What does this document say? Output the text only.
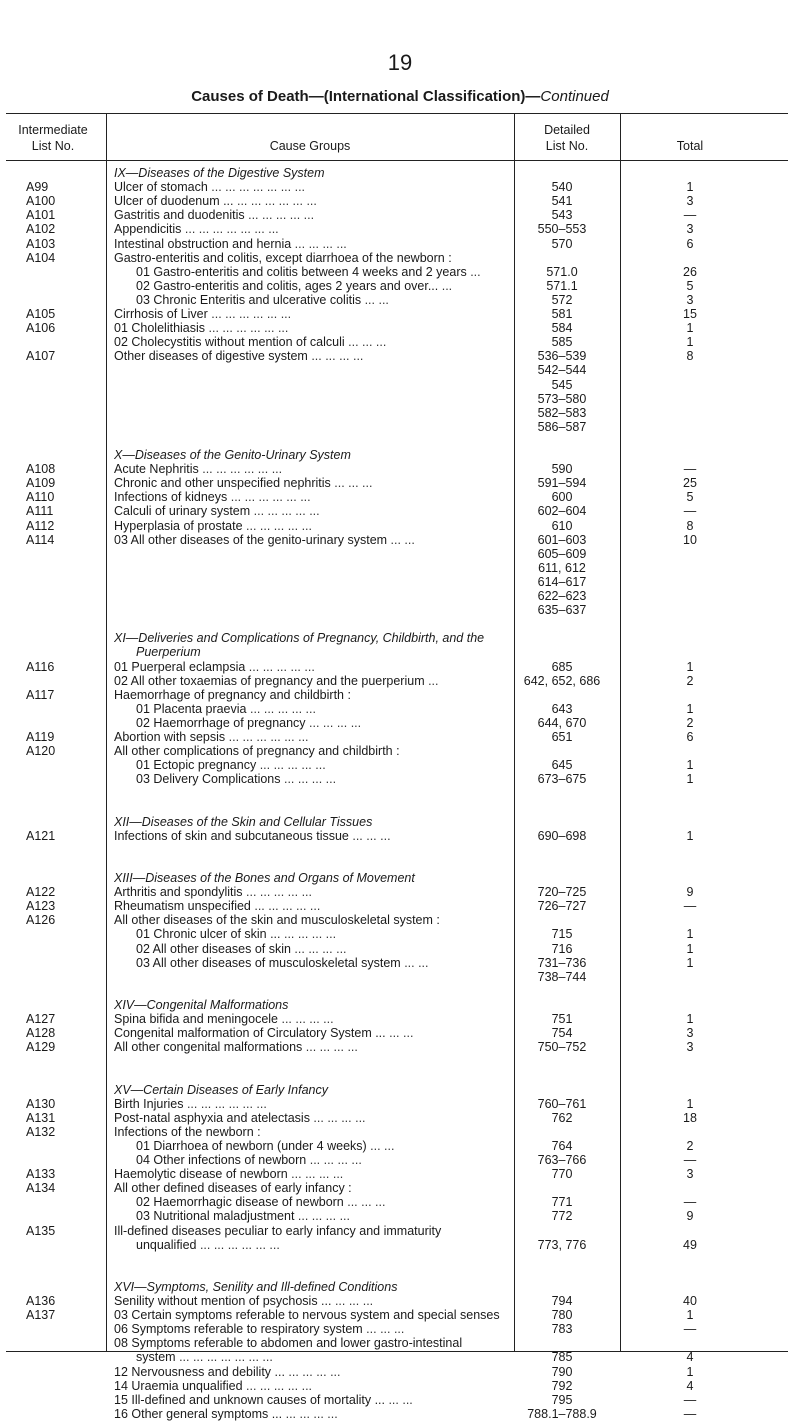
19
Causes of Death—(International Classification)—Continued
Intermediate
List No.	Cause Groups
Detailed
List No.	Total
IX—Diseases of the Digestive System
A99	Ulcer of stomach ... ... ... ... ... ... ...	540	1
A100	Ulcer of duodenum ... ... ... ... ... ... ...	541	3
A101	Gastritis and duodenitis ... ... ... ... ...	543	—
A102	Appendicitis ... ... ... ... ... ... ...	550–553	3
A103	Intestinal obstruction and hernia ... ... ... ...	570	6
A104	Gastro-enteritis and colitis, except diarrhoea of the newborn :
01 Gastro-enteritis and colitis between 4 weeks and 2 years ...	571.0	26
02 Gastro-enteritis and colitis, ages 2 years and over... ...	571.1	5
03 Chronic Enteritis and ulcerative colitis ... ...	572	3
A105	Cirrhosis of Liver ... ... ... ... ... ...	581	15
A106	01 Cholelithiasis ... ... ... ... ... ...	584	1
02 Cholecystitis without mention of calculi ... ... ...	585	1
A107	Other diseases of digestive system ... ... ... ...	536–539	8
542–544
545
573–580
582–583
586–587
X—Diseases of the Genito-Urinary System
A108	Acute Nephritis ... ... ... ... ... ...	590	—
A109	Chronic and other unspecified nephritis ... ... ...	591–594	25
A110	Infections of kidneys ... ... ... ... ... ...	600	5
A111	Calculi of urinary system ... ... ... ... ...	602–604	—
A112	Hyperplasia of prostate ... ... ... ... ...	610	8
A114	03 All other diseases of the genito-urinary system ... ...	601–603	10
605–609
611, 612
614–617
622–623
635–637
XI—Deliveries and Complications of Pregnancy, Childbirth, and the
Puerperium
A116	01 Puerperal eclampsia ... ... ... ... ...	685	1
02 All other toxaemias of pregnancy and the puerperium ...	642, 652, 686	2
A117	Haemorrhage of pregnancy and childbirth :
01 Placenta praevia ... ... ... ... ...	643	1
02 Haemorrhage of pregnancy ... ... ... ...	644, 670	2
A119	Abortion with sepsis ... ... ... ... ... ...	651	6
A120	All other complications of pregnancy and childbirth :
01 Ectopic pregnancy ... ... ... ... ...	645	1
03 Delivery Complications ... ... ... ...	673–675	1
XII—Diseases of the Skin and Cellular Tissues
A121	Infections of skin and subcutaneous tissue ... ... ...	690–698	1
XIII—Diseases of the Bones and Organs of Movement
A122	Arthritis and spondylitis ... ... ... ... ...	720–725	9
A123	Rheumatism unspecified ... ... ... ... ...	726–727	—
A126	All other diseases of the skin and musculoskeletal system :
01 Chronic ulcer of skin ... ... ... ... ...	715	1
02 All other diseases of skin ... ... ... ...	716	1
03 All other diseases of musculoskeletal system ... ...	731–736	1
738–744
XIV—Congenital Malformations
A127	Spina bifida and meningocele ... ... ... ...	751	1
A128	Congenital malformation of Circulatory System ... ... ...	754	3
A129	All other congenital malformations ... ... ... ...	750–752	3
XV—Certain Diseases of Early Infancy
A130	Birth Injuries ... ... ... ... ... ...	760–761	1
A131	Post-natal asphyxia and atelectasis ... ... ... ...	762	18
A132	Infections of the newborn :
01 Diarrhoea of newborn (under 4 weeks) ... ...	764	2
04 Other infections of newborn ... ... ... ...	763–766	—
A133	Haemolytic disease of newborn ... ... ... ...	770	3
A134	All other defined diseases of early infancy :
02 Haemorrhagic disease of newborn ... ... ...	771	—
03 Nutritional maladjustment ... ... ... ...	772	9
A135	Ill-defined diseases peculiar to early infancy and immaturity
unqualified ... ... ... ... ... ...	773, 776	49
XVI—Symptoms, Senility and Ill-defined Conditions
A136	Senility without mention of psychosis ... ... ... ...	794	40
A137	03 Certain symptoms referable to nervous system and special senses	780	1
06 Symptoms referable to respiratory system ... ... ...	783	—
08 Symptoms referable to abdomen and lower gastro-intestinal
system ... ... ... ... ... ... ...	785	4
12 Nervousness and debility ... ... ... ... ...	790	1
14 Uraemia unqualified ... ... ... ... ...	792	4
15 Ill-defined and unknown causes of mortality ... ... ...	795	—
16 Other general symptoms ... ... ... ... ...	788.1–788.9	—
